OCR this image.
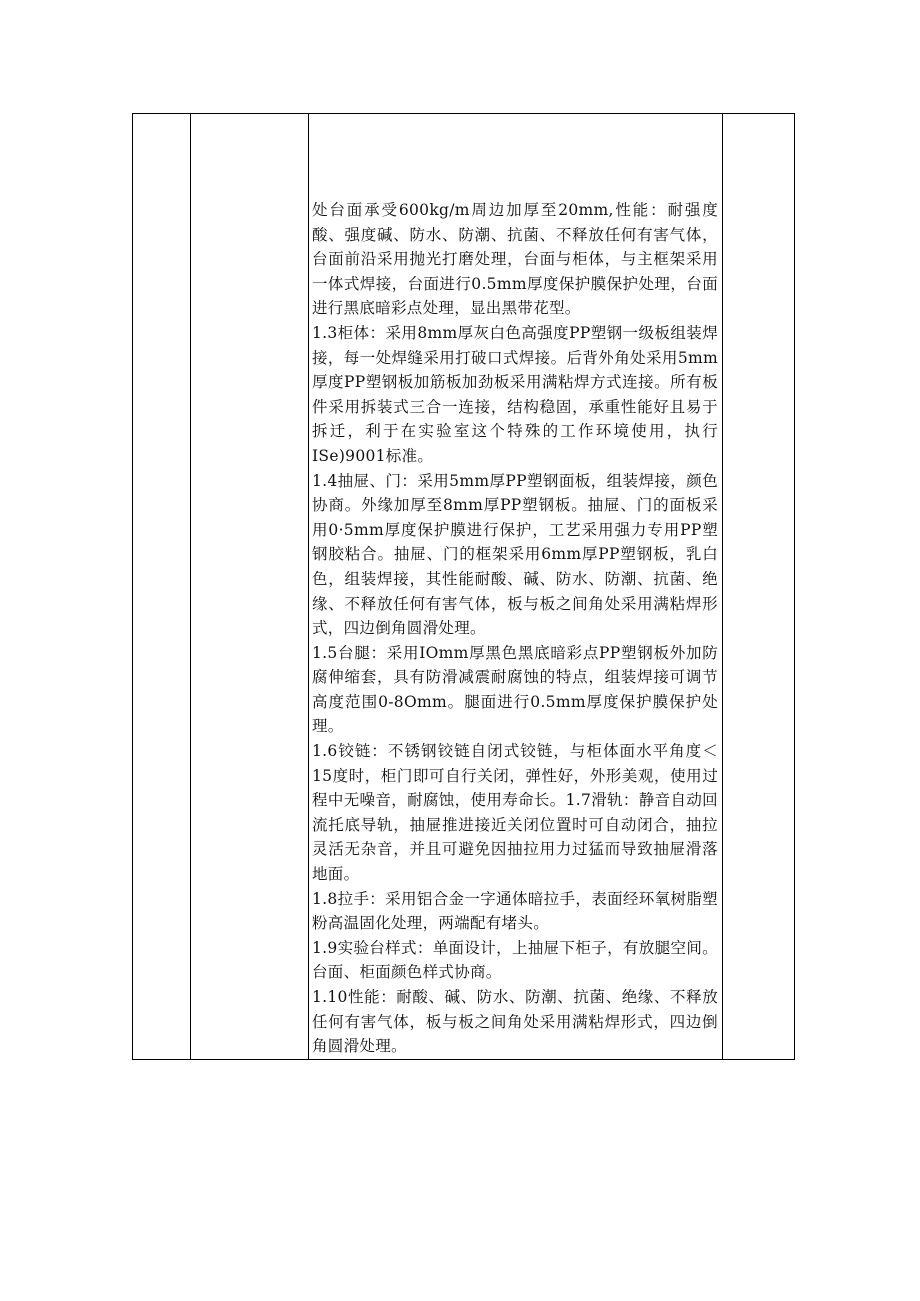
处台面承受600kg/m周边加厚至20mm,性能：耐强度酸、强度碱、防水、防潮、抗菌、不释放任何有害气体，台面前沿采用抛光打磨处理，台面与柜体，与主框架采用一体式焊接，台面进行0.5mm厚度保护膜保护处理，台面进行黑底暗彩点处理，显出黑带花型。

1.3柜体：采用8mm厚灰白色高强度PP塑钢一级板组装焊接，每一处焊缝采用打破口式焊接。后背外角处采用5mm厚度PP塑钢板加筋板加劲板采用满粘焊方式连接。所有板件采用拆装式三合一连接，结构稳固，承重性能好且易于拆迁，利于在实验室这个特殊的工作环境使用，执行ISe)9001标准。

1.4抽屉、门：采用5mm厚PP塑钢面板，组装焊接，颜色协商。外缘加厚至8mm厚PP塑钢板。抽屉、门的面板采用0·5mm厚度保护膜进行保护，工艺采用强力专用PP塑钢胶粘合。抽屉、门的框架采用6mm厚PP塑钢板，乳白色，组装焊接，其性能耐酸、碱、防水、防潮、抗菌、绝缘、不释放任何有害气体，板与板之间角处采用满粘焊形式，四边倒角圆滑处理。

1.5台腿：采用IOmm厚黑色黑底暗彩点PP塑钢板外加防腐伸缩套，具有防滑减震耐腐蚀的特点，组装焊接可调节高度范围0-8Omm。腿面进行0.5mm厚度保护膜保护处理。

1.6铰链：不锈钢铰链自闭式铰链，与柜体面水平角度＜15度时，柜门即可自行关闭，弹性好，外形美观，使用过程中无噪音，耐腐蚀，使用寿命长。1.7滑轨：静音自动回流托底导轨，抽屉推进接近关闭位置时可自动闭合，抽拉灵活无杂音，并且可避免因抽拉用力过猛而导致抽屉滑落地面。

1.8拉手：采用铝合金一字通体暗拉手，表面经环氧树脂塑粉高温固化处理，两端配有堵头。

1.9实验台样式：单面设计，上抽屉下柜子，有放腿空间。台面、柜面颜色样式协商。

1.10性能：耐酸、碱、防水、防潮、抗菌、绝缘、不释放任何有害气体，板与板之间角处采用满粘焊形式，四边倒角圆滑处理。
